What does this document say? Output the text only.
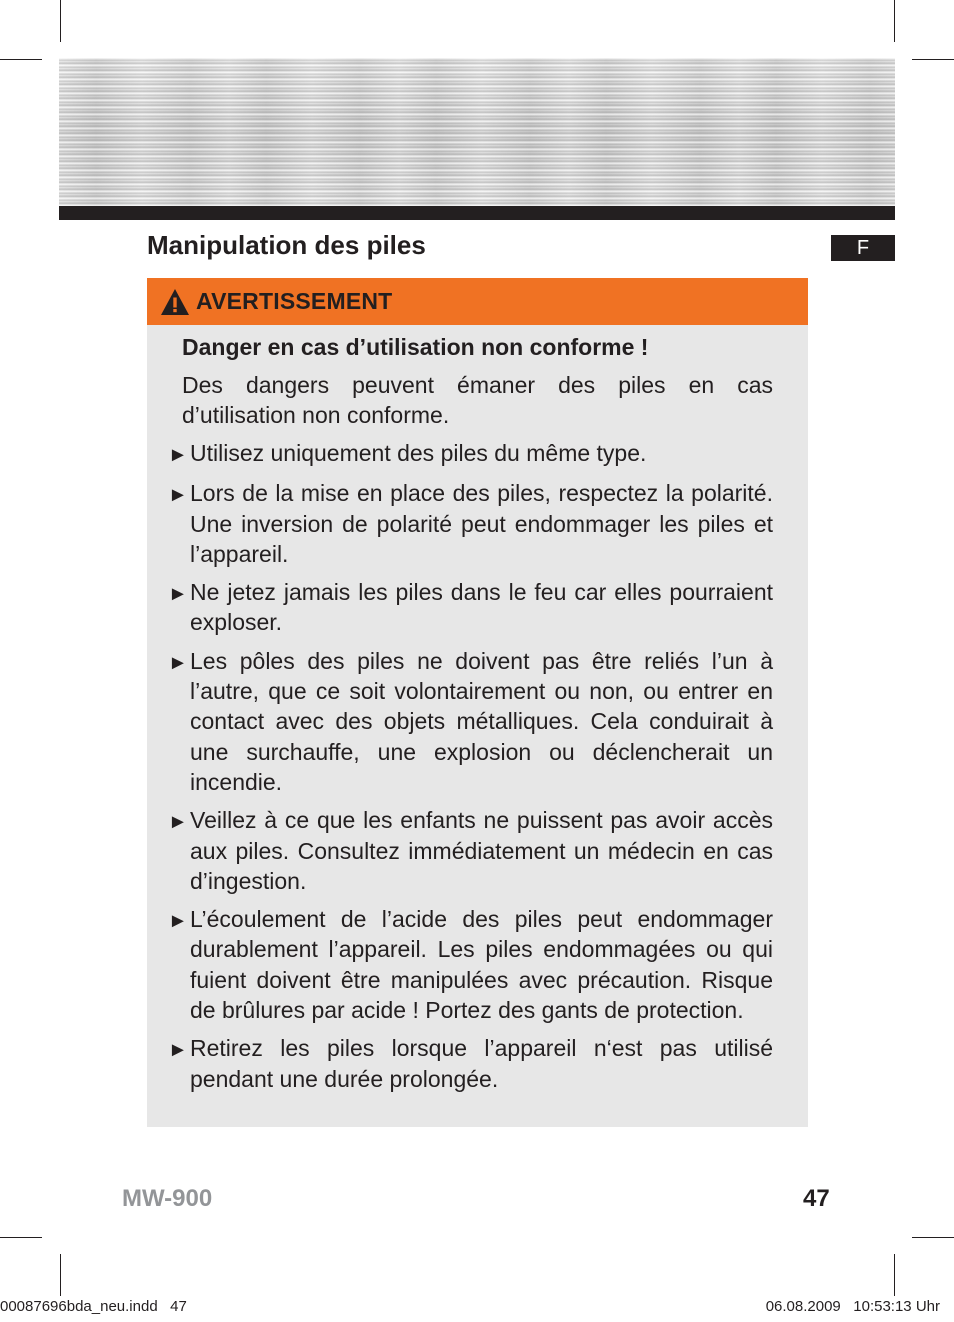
F
Manipulation des piles
AVERTISSEMENT

Danger en cas d’utilisation non conforme !

Des dangers peuvent émaner des piles en cas d’utilisation non conforme.

► Utilisez uniquement des piles du même type.
► Lors de la mise en place des piles, respectez la polarité. Une inversion de polarité peut endommager les piles et l’appareil.
► Ne jetez jamais les piles dans le feu car elles pourraient exploser.
► Les pôles des piles ne doivent pas être reliés l’un à l’autre, que ce soit volontairement ou non, ou entrer en contact avec des objets métalliques. Cela conduirait à une surchauffe, une explosion ou déclencherait un incendie.
► Veillez à ce que les enfants ne puissent pas avoir accès aux piles. Consultez immédiatement un médecin en cas d’ingestion.
► L’écoulement de l’acide des piles peut endommager durablement l’appareil. Les piles endommagées ou qui fuient doivent être manipulées avec précaution. Risque de brûlures par acide ! Portez des gants de protection.
► Retirez les piles lorsque l’appareil n‘est pas utilisé pendant une durée prolongée.
MW-900	47
00087696bda_neu.indd   47	06.08.2009   10:53:13 Uhr
